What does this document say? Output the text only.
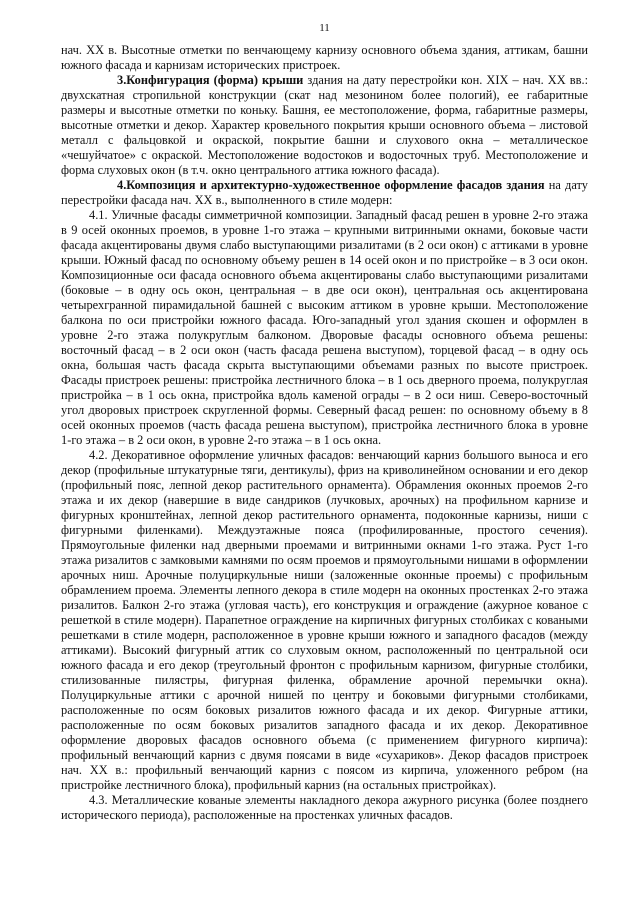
11

нач. XX в. Высотные отметки по венчающему карнизу основного объема здания, аттикам, башни южного фасада и карнизам исторических пристроек.

3.Конфигурация (форма) крыши здания на дату перестройки кон. XIX – нач. XX вв.: двухскатная стропильной конструкции (скат над мезонином более пологий), ее габаритные размеры и высотные отметки по коньку. Башня, ее местоположение, форма, габаритные размеры, высотные отметки и декор. Характер кровельного покрытия крыши основного объема – листовой металл с фальцовкой и окраской, покрытие башни и слухового окна – металлическое «чешуйчатое» с окраской. Местоположение водостоков и водосточных труб. Местоположение и форма слуховых окон (в т.ч. окно центрального аттика южного фасада).

4.Композиция и архитектурно-художественное оформление фасадов здания на дату перестройки фасада нач. XX в., выполненного в стиле модерн:

4.1. Уличные фасады симметричной композиции. Западный фасад решен в уровне 2-го этажа в 9 осей оконных проемов, в уровне 1-го этажа – крупными витринными окнами, боковые части фасада акцентированы двумя слабо выступающими ризалитами (в 2 оси окон) с аттиками в уровне крыши. Южный фасад по основному объему решен в 14 осей окон и по пристройке – в 3 оси окон. Композиционные оси фасада основного объема акцентированы слабо выступающими ризалитами (боковые – в одну ось окон, центральная – в две оси окон), центральная ось акцентирована четырехгранной пирамидальной башней с высоким аттиком в уровне крыши. Местоположение балкона по оси пристройки южного фасада. Юго-западный угол здания скошен и оформлен в уровне 2-го этажа полукруглым балконом. Дворовые фасады основного объема решены: восточный фасад – в 2 оси окон (часть фасада решена выступом), торцевой фасад – в одну ось окна, большая часть фасада скрыта выступающими объемами разных по высоте пристроек. Фасады пристроек решены: пристройка лестничного блока – в 1 ось дверного проема, полукруглая пристройка – в 1 ось окна, пристройка вдоль каменой ограды – в 2 оси ниш. Северо-восточный угол дворовых пристроек скругленной формы. Северный фасад решен: по основному объему в 8 осей оконных проемов (часть фасада решена выступом), пристройка лестничного блока в уровне 1-го этажа – в 2 оси окон, в уровне 2-го этажа – в 1 ось окна.

4.2. Декоративное оформление уличных фасадов: венчающий карниз большого выноса и его декор (профильные штукатурные тяги, дентикулы), фриз на криволинейном основании и его декор (профильный пояс, лепной декор растительного орнамента). Обрамления оконных проемов 2-го этажа и их декор (навершие в виде сандриков (лучковых, арочных) на профильном карнизе и фигурных кронштейнах, лепной декор растительного орнамента, подоконные карнизы, ниши с фигурными филенками). Междуэтажные пояса (профилированные, простого сечения). Прямоугольные филенки над дверными проемами и витринными окнами 1-го этажа. Руст 1-го этажа ризалитов с замковыми камнями по осям проемов и прямоугольными нишами в оформлении арочных ниш. Арочные полуциркульные ниши (заложенные оконные проемы) с профильным обрамлением проема. Элементы лепного декора в стиле модерн на оконных простенках 2-го этажа ризалитов. Балкон 2-го этажа (угловая часть), его конструкция и ограждение (ажурное кованое с решеткой в стиле модерн). Парапетное ограждение на кирпичных фигурных столбиках с коваными решетками в стиле модерн, расположенное в уровне крыши южного и западного фасадов (между аттиками). Высокий фигурный аттик со слуховым окном, расположенный по центральной оси южного фасада и его декор (треугольный фронтон с профильным карнизом, фигурные столбики, стилизованные пилястры, фигурная филенка, обрамление арочной перемычки окна). Полуциркульные аттики с арочной нишей по центру и боковыми фигурными столбиками, расположенные по осям боковых ризалитов южного фасада и их декор. Фигурные аттики, расположенные по осям боковых ризалитов западного фасада и их декор. Декоративное оформление дворовых фасадов основного объема (с применением фигурного кирпича): профильный венчающий карниз с двумя поясами в виде «сухариков». Декор фасадов пристроек нач. XX в.: профильный венчающий карниз с поясом из кирпича, уложенного ребром (на пристройке лестничного блока), профильный карниз (на остальных пристройках).

4.3. Металлические кованые элементы накладного декора ажурного рисунка (более позднего исторического периода), расположенные на простенках уличных фасадов.
